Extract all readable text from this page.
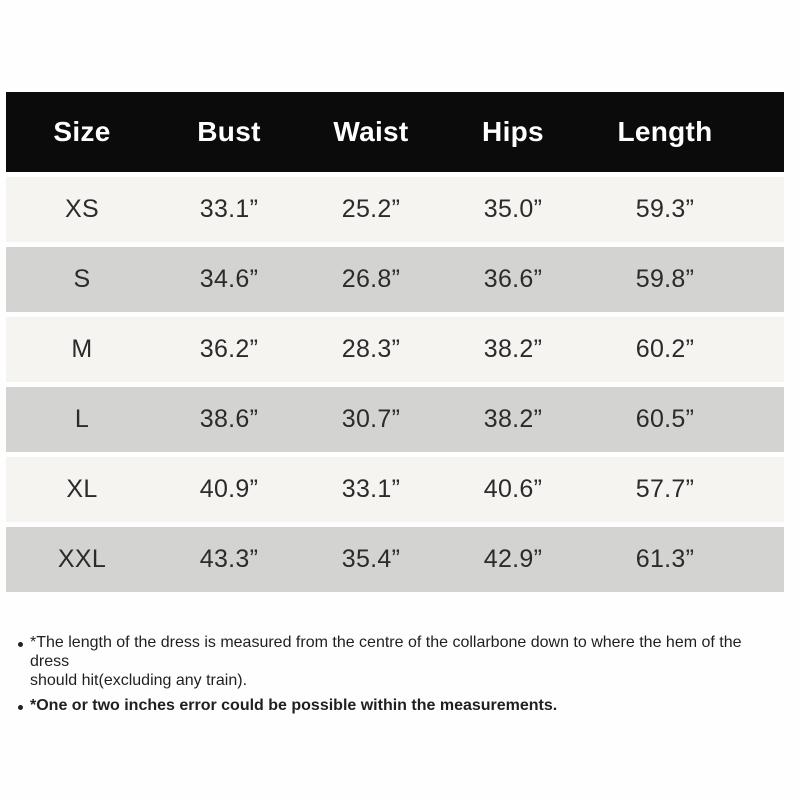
Size	Bust	Waist	Hips	Length
XS	33.1”	25.2”	35.0”	59.3”
S	34.6”	26.8”	36.6”	59.8”
M	36.2”	28.3”	38.2”	60.2”
L	38.6”	30.7”	38.2”	60.5”
XL	40.9”	33.1”	40.6”	57.7”
XXL	43.3”	35.4”	42.9”	61.3”
*The length of the dress is measured from the centre of the collarbone down to where the hem of the dress
should hit(excluding any train).
*One or two inches error could be possible within the measurements.
